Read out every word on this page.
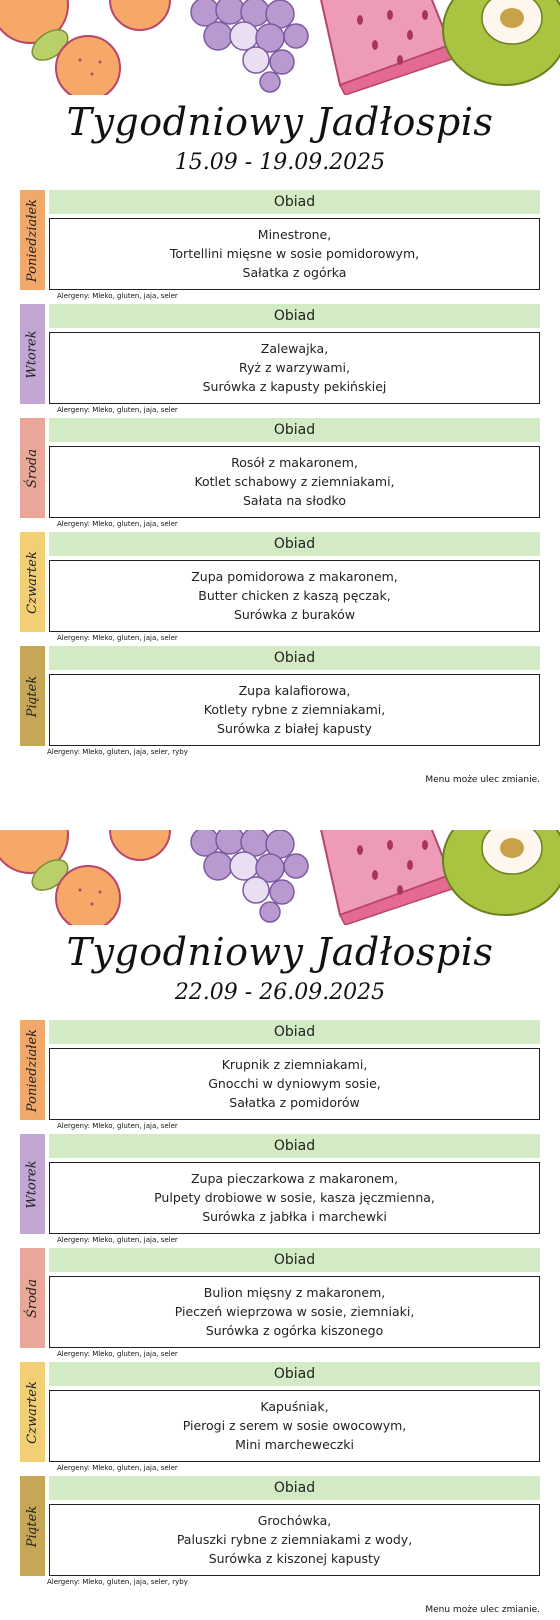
Tygodniowy Jadłospis
15.09 - 19.09.2025
Poniedziałek	Obiad
Minestrone,
Tortellini mięsne w sosie pomidorowym,
Sałatka z ogórka
Alergeny: Mleko, gluten, jaja, seler
Wtorek
Obiad
Zalewajka,
Ryż z warzywami,
Surówka z kapusty pekińskiej
Alergeny: Mleko, gluten, jaja, seler
Środa
Obiad
Rosół z makaronem,
Kotlet schabowy z ziemniakami,
Sałata na słodko
Alergeny: Mleko, gluten, jaja, seler
Czwartek
Obiad
Zupa pomidorowa z makaronem,
Butter chicken z kaszą pęczak,
Surówka z buraków
Alergeny: Mleko, gluten, jaja, seler
Piątek
Obiad
Zupa kalafiorowa,
Kotlety rybne z ziemniakami,
Surówka z białej kapusty
Alergeny: Mleko, gluten, jaja, seler, ryby
Menu może ulec zmianie.
Tygodniowy Jadłospis
22.09 - 26.09.2025
Poniedziałek	Obiad
Krupnik z ziemniakami,
Gnocchi w dyniowym sosie,
Sałatka z pomidorów
Alergeny: Mleko, gluten, jaja, seler
Wtorek
Obiad
Zupa pieczarkowa z makaronem,
Pulpety drobiowe w sosie, kasza jęczmienna,
Surówka z jabłka i marchewki
Alergeny: Mleko, gluten, jaja, seler
Środa
Obiad
Bulion mięsny z makaronem,
Pieczeń wieprzowa w sosie, ziemniaki,
Surówka z ogórka kiszonego
Alergeny: Mleko, gluten, jaja, seler
Czwartek
Obiad
Kapuśniak,
Pierogi z serem w sosie owocowym,
Mini marcheweczki
Alergeny: Mleko, gluten, jaja, seler
Piątek
Obiad
Grochówka,
Paluszki rybne z ziemniakami z wody,
Surówka z kiszonej kapusty
Alergeny: Mleko, gluten, jaja, seler, ryby
Menu może ulec zmianie.
